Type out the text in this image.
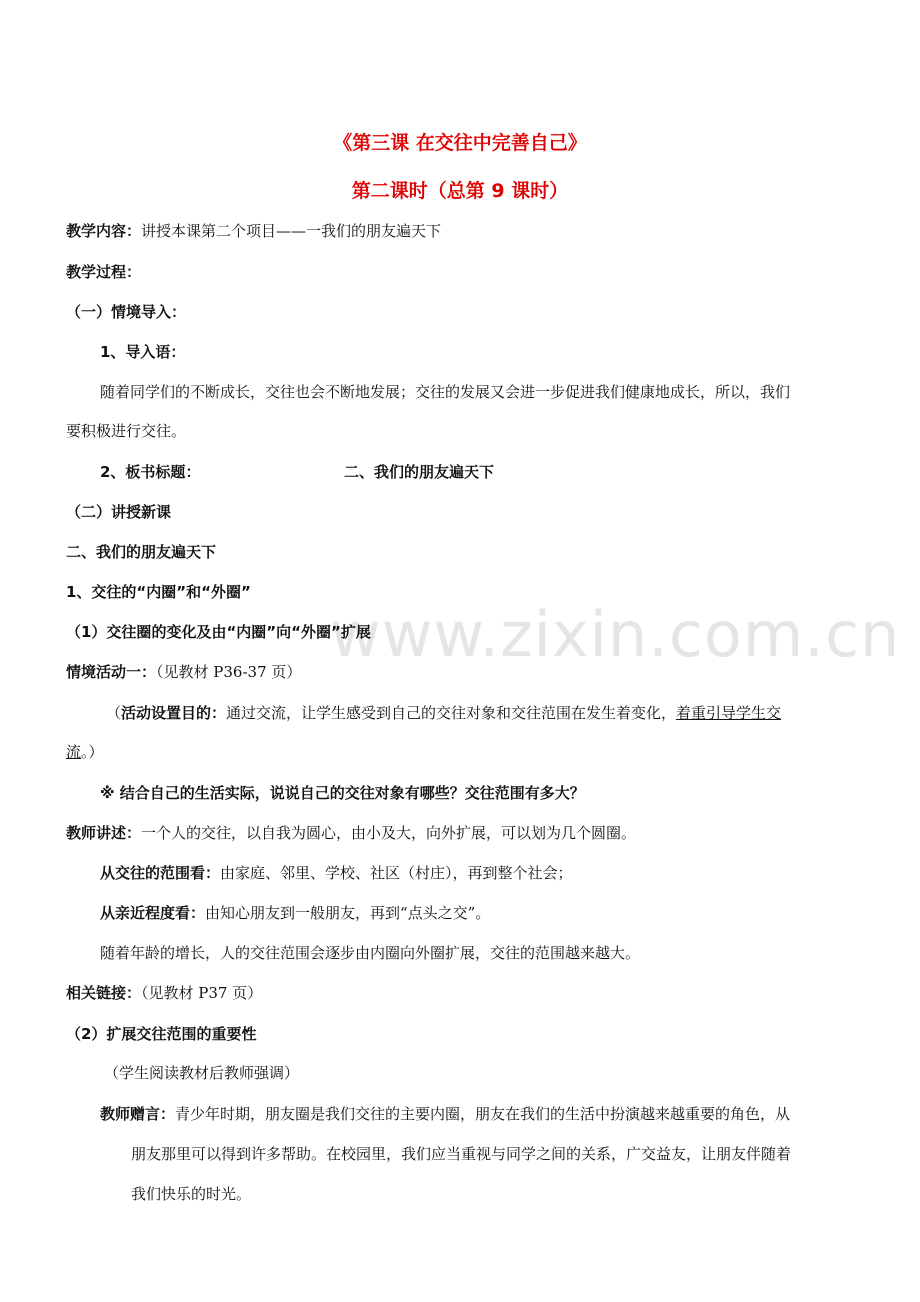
www.zixin.com.cn
《第三课 在交往中完善自己》
第二课时（总第 9 课时）
教学内容：讲授本课第二个项目——一我们的朋友遍天下
教学过程：
（一）情境导入：
1、导入语：
随着同学们的不断成长，交往也会不断地发展；交往的发展又会进一步促进我们健康地成长，所以，我们
要积极进行交往。
2、板书标题：	二、我们的朋友遍天下
（二）讲授新课
二、我们的朋友遍天下
1、交往的“内圈”和“外圈”
（1）交往圈的变化及由“内圈”向“外圈”扩展
情境活动一：（见教材 P36-37 页）
（活动设置目的：通过交流，让学生感受到自己的交往对象和交往范围在发生着变化，着重引导学生交
流。）
※ 结合自己的生活实际，说说自己的交往对象有哪些？交往范围有多大？
教师讲述：一个人的交往，以自我为圆心，由小及大，向外扩展，可以划为几个圆圈。
从交往的范围看：由家庭、邻里、学校、社区（村庄），再到整个社会；
从亲近程度看：由知心朋友到一般朋友，再到“点头之交”。
随着年龄的增长，人的交往范围会逐步由内圈向外圈扩展，交往的范围越来越大。
相关链接：（见教材 P37 页）
（2）扩展交往范围的重要性
（学生阅读教材后教师强调）
教师赠言：青少年时期，朋友圈是我们交往的主要内圈，朋友在我们的生活中扮演越来越重要的角色，从
朋友那里可以得到许多帮助。在校园里，我们应当重视与同学之间的关系，广交益友，让朋友伴随着
我们快乐的时光。
